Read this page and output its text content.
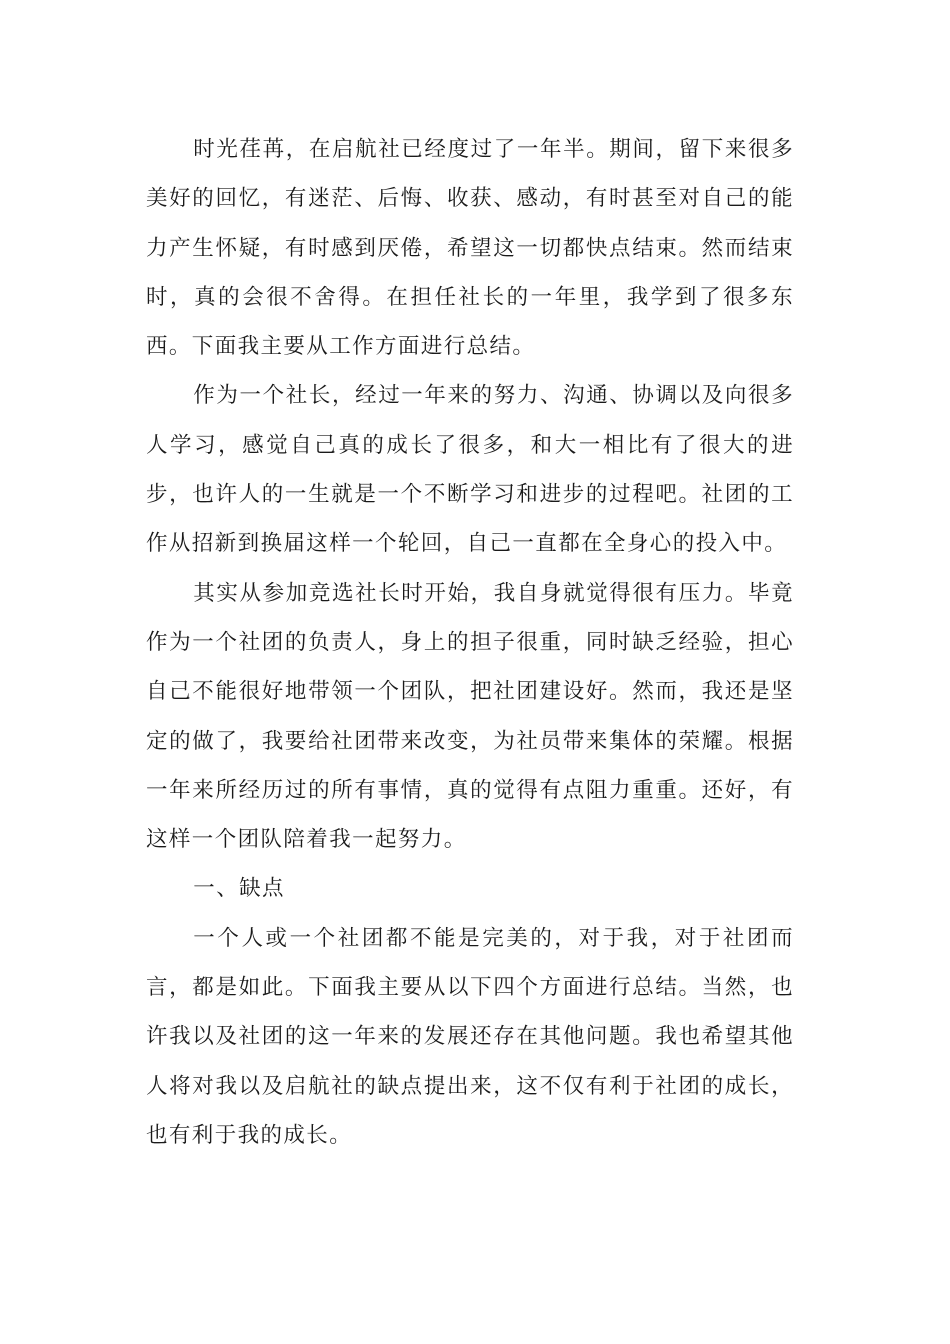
时光荏苒，在启航社已经度过了一年半。期间，留下来很多美好的回忆，有迷茫、后悔、收获、感动，有时甚至对自己的能力产生怀疑，有时感到厌倦，希望这一切都快点结束。然而结束时，真的会很不舍得。在担任社长的一年里，我学到了很多东西。下面我主要从工作方面进行总结。

作为一个社长，经过一年来的努力、沟通、协调以及向很多人学习，感觉自己真的成长了很多，和大一相比有了很大的进步，也许人的一生就是一个不断学习和进步的过程吧。社团的工作从招新到换届这样一个轮回，自己一直都在全身心的投入中。

其实从参加竞选社长时开始，我自身就觉得很有压力。毕竟作为一个社团的负责人，身上的担子很重，同时缺乏经验，担心自己不能很好地带领一个团队，把社团建设好。然而，我还是坚定的做了，我要给社团带来改变，为社员带来集体的荣耀。根据一年来所经历过的所有事情，真的觉得有点阻力重重。还好，有这样一个团队陪着我一起努力。

一、缺点

一个人或一个社团都不能是完美的，对于我，对于社团而言，都是如此。下面我主要从以下四个方面进行总结。当然，也许我以及社团的这一年来的发展还存在其他问题。我也希望其他人将对我以及启航社的缺点提出来，这不仅有利于社团的成长，也有利于我的成长。
